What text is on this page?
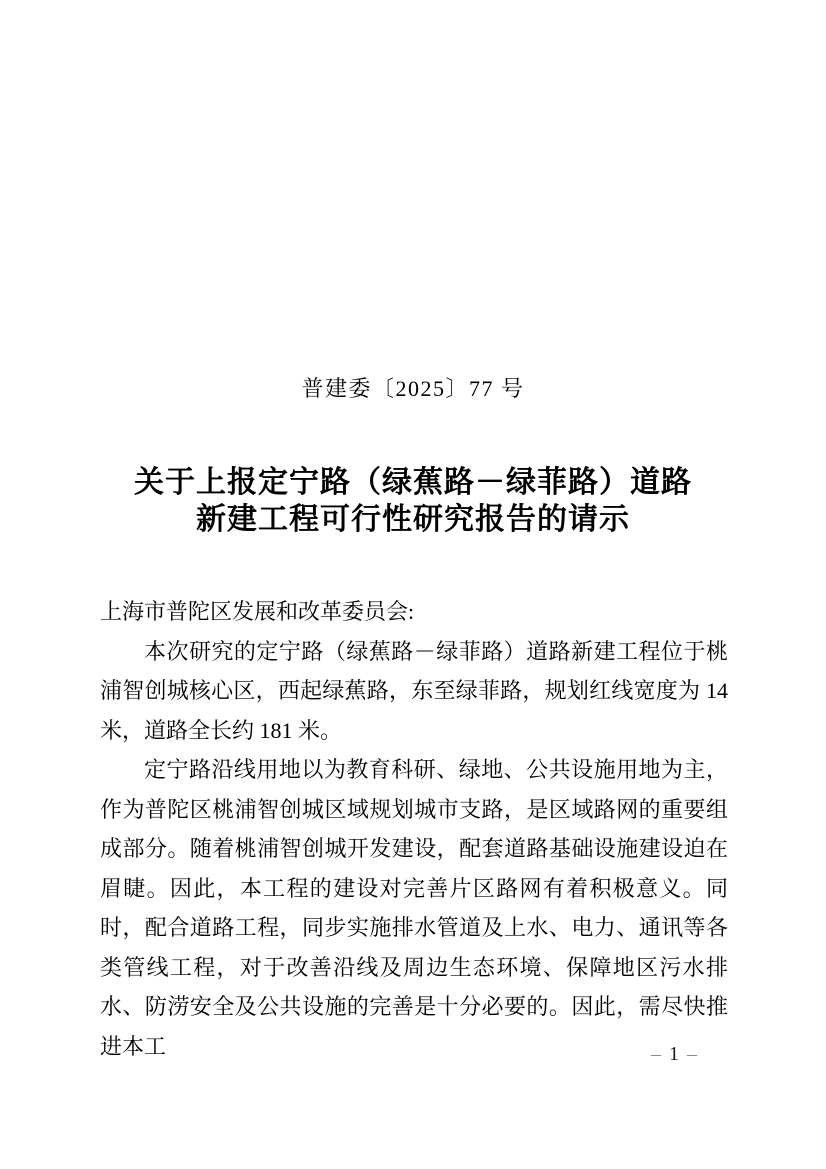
普建委〔2025〕77 号
关于上报定宁路（绿蕉路－绿菲路）道路
新建工程可行性研究报告的请示

上海市普陀区发展和改革委员会:

本次研究的定宁路（绿蕉路－绿菲路）道路新建工程位于桃浦智创城核心区，西起绿蕉路，东至绿菲路，规划红线宽度为 14 米，道路全长约 181 米。

定宁路沿线用地以为教育科研、绿地、公共设施用地为主，作为普陀区桃浦智创城区域规划城市支路，是区域路网的重要组成部分。随着桃浦智创城开发建设，配套道路基础设施建设迫在眉睫。因此，本工程的建设对完善片区路网有着积极意义。同时，配合道路工程，同步实施排水管道及上水、电力、通讯等各类管线工程，对于改善沿线及周边生态环境、保障地区污水排水、防涝安全及公共设施的完善是十分必要的。因此，需尽快推进本工	– 1 –
